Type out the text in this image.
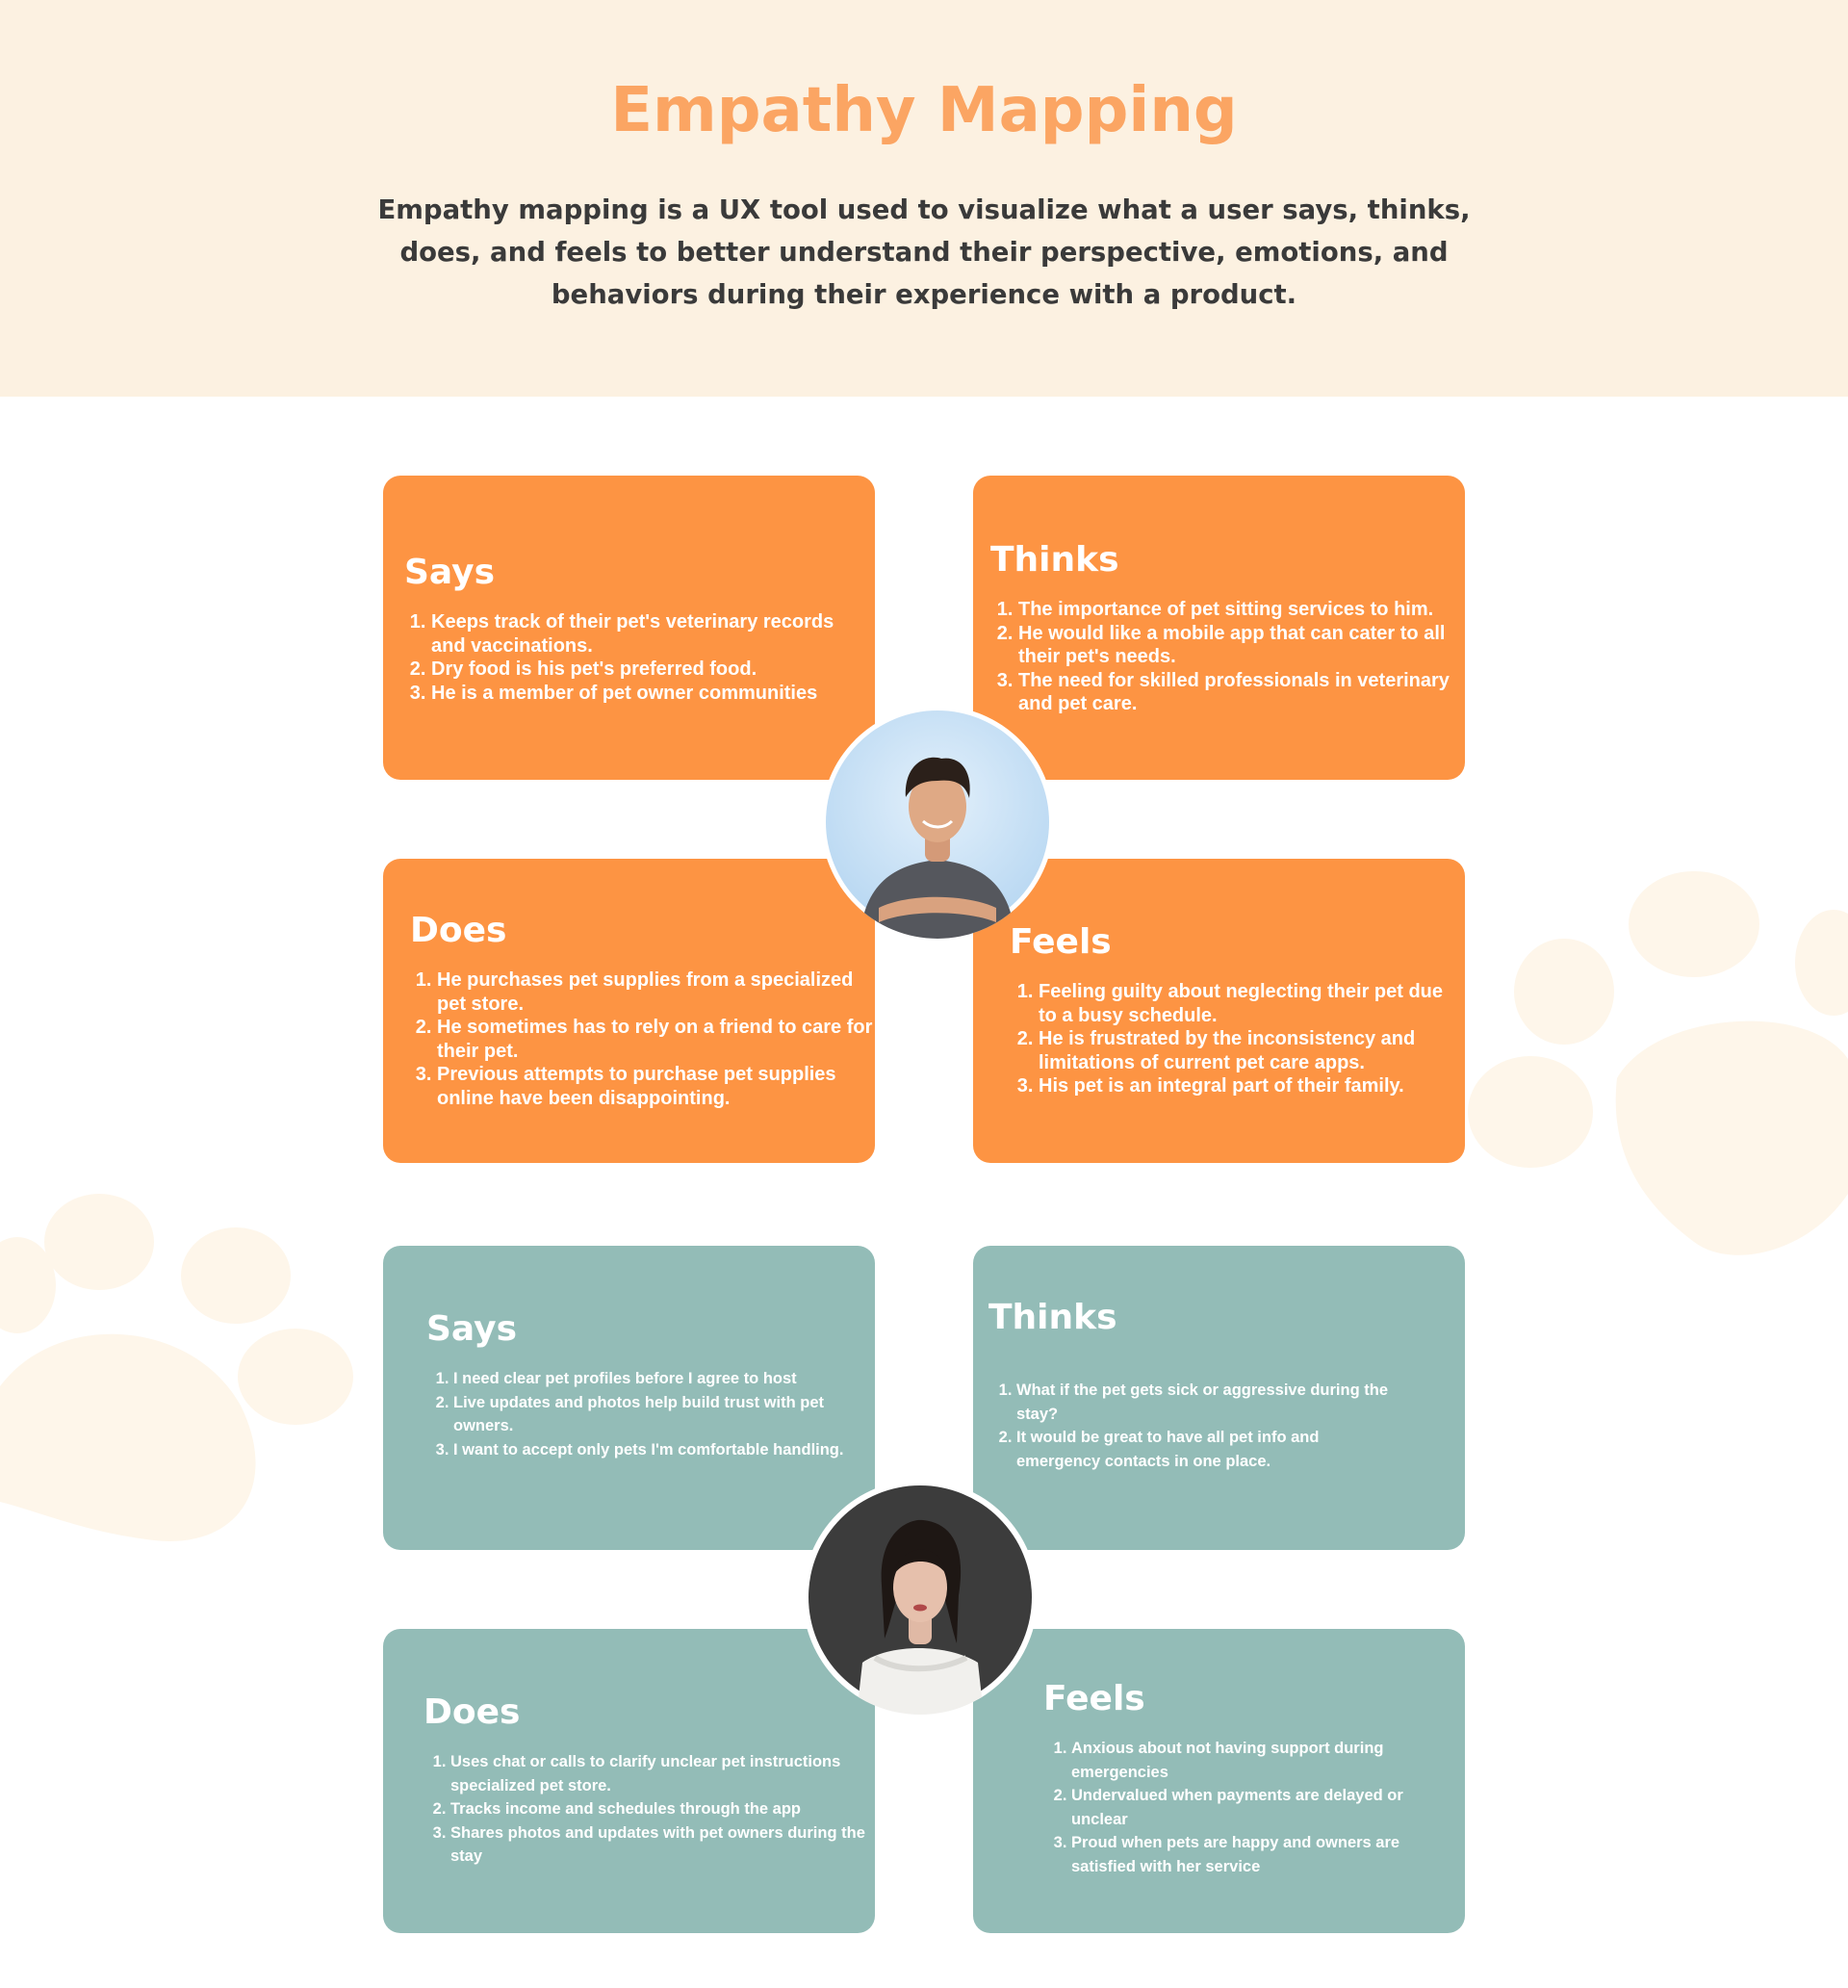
Empathy Mapping

Empathy mapping is a UX tool used to visualize what a user says, thinks, does, and feels to better understand their perspective, emotions, and behaviors during their experience with a product.

Says
1. Keeps track of their pet's veterinary records and vaccinations.
2. Dry food is his pet's preferred food.
3. He is a member of pet owner communities
Thinks
1. The importance of pet sitting services to him.
2. He would like a mobile app that can cater to all their pet's needs.
3. The need for skilled professionals in veterinary and pet care.
Does
1. He purchases pet supplies from a specialized pet store.
2. He sometimes has to rely on a friend to care for their pet.
3. Previous attempts to purchase pet supplies online have been disappointing.
Feels
1. Feeling guilty about neglecting their pet due to a busy schedule.
2. He is frustrated by the inconsistency and limitations of current pet care apps.
3. His pet is an integral part of their family.
Says
1. I need clear pet profiles before I agree to host
2. Live updates and photos help build trust with pet owners.
3. I want to accept only pets I'm comfortable handling.
Thinks
1. What if the pet gets sick or aggressive during the stay?
2. It would be great to have all pet info and emergency contacts in one place.
Does
1. Uses chat or calls to clarify unclear pet instructions specialized pet store.
2. Tracks income and schedules through the app
3. Shares photos and updates with pet owners during the stay
Feels
1. Anxious about not having support during emergencies
2. Undervalued when payments are delayed or unclear
3. Proud when pets are happy and owners are satisfied with her service
